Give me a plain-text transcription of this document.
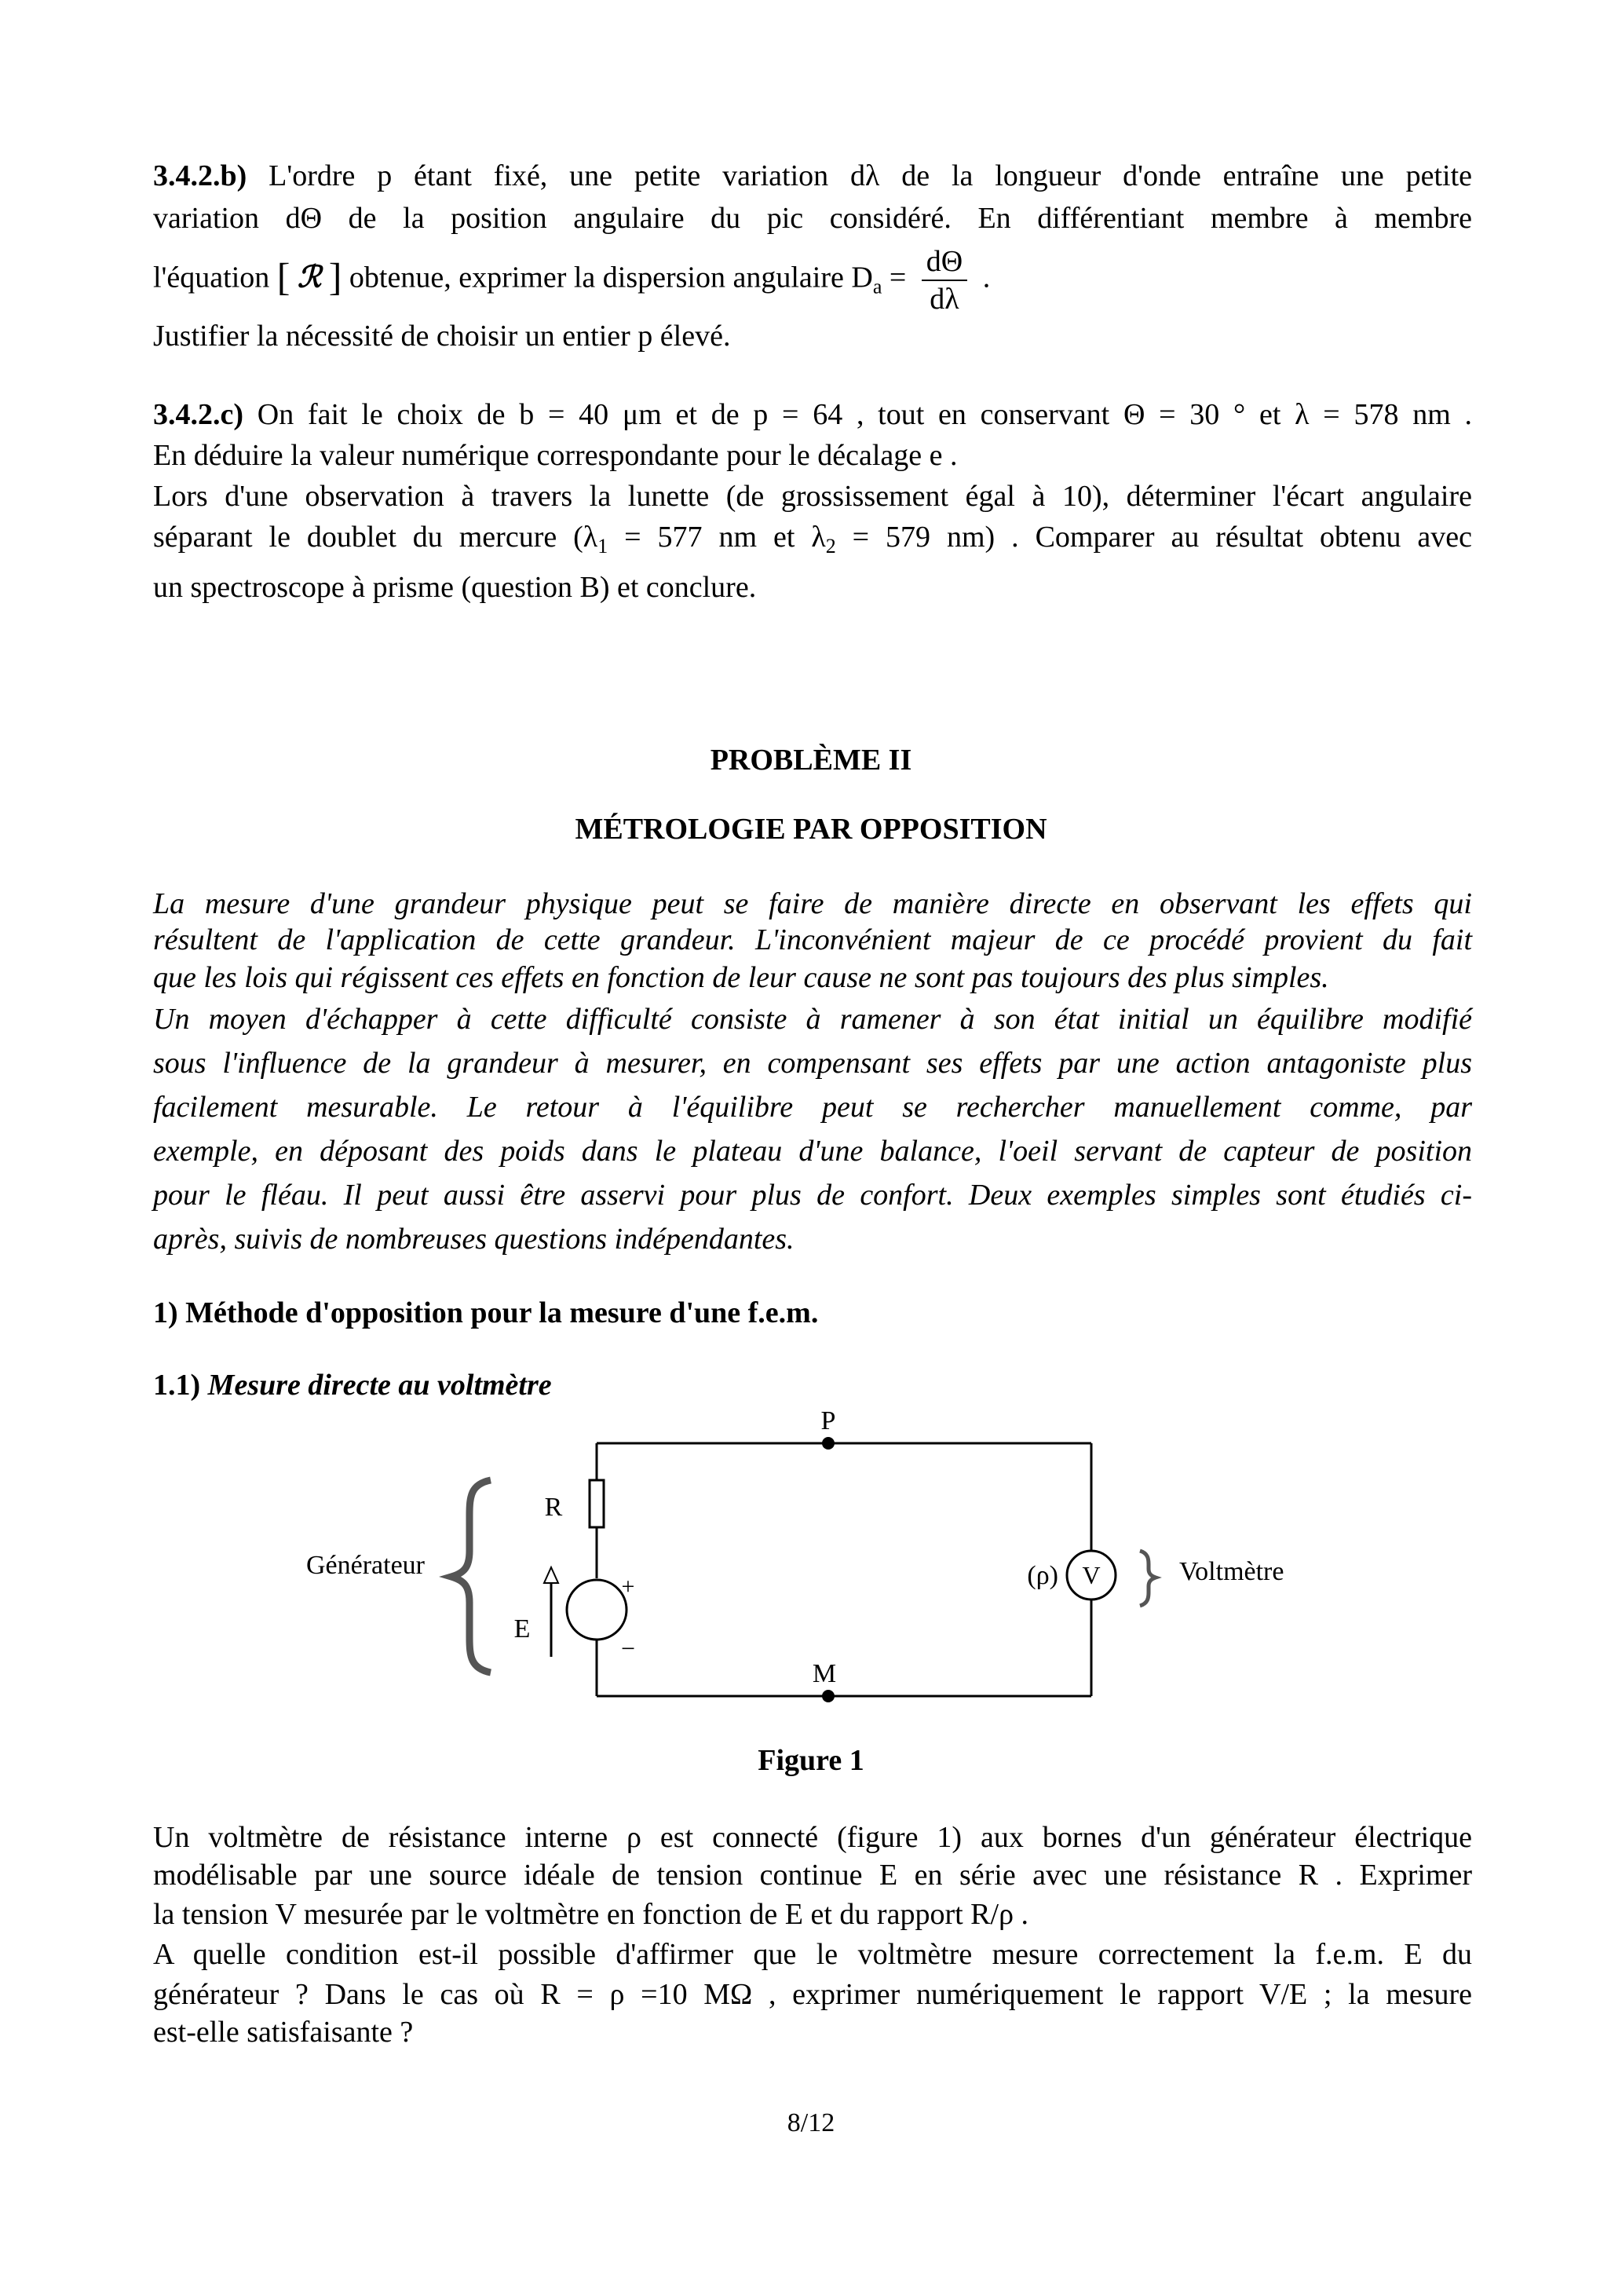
3.4.2.b) L'ordre p étant fixé, une petite variation dλ de la longueur d'onde entraîne une petite
variation dΘ de la position angulaire du pic considéré. En différentiant membre à membre
l'équation [ ℛ ] obtenue, exprimer la dispersion angulaire $D_a = \frac{d\Theta}{d\lambda}$ .
Justifier la nécessité de choisir un entier p élevé.
3.4.2.c) On fait le choix de b = 40 μm et de p = 64 , tout en conservant Θ = 30 ° et λ = 578 nm .
En déduire la valeur numérique correspondante pour le décalage e .
Lors d'une observation à travers la lunette (de grossissement égal à 10), déterminer l'écart angulaire
séparant le doublet du mercure ($\lambda_1 = 577$ nm et $\lambda_2 = 579$ nm) . Comparer au résultat obtenu avec
un spectroscope à prisme (question B) et conclure.
PROBLÈME II
MÉTROLOGIE PAR OPPOSITION
La mesure d'une grandeur physique peut se faire de manière directe en observant les effets qui
résultent de l'application de cette grandeur. L'inconvénient majeur de ce procédé provient du fait
que les lois qui régissent ces effets en fonction de leur cause ne sont pas toujours des plus simples.
Un moyen d'échapper à cette difficulté consiste à ramener à son état initial un équilibre modifié
sous l'influence de la grandeur à mesurer, en compensant ses effets par une action antagoniste plus
facilement mesurable. Le retour à l'équilibre peut se rechercher manuellement comme, par
exemple, en déposant des poids dans le plateau d'une balance, l'oeil servant de capteur de position
pour le fléau. Il peut aussi être asservi pour plus de confort. Deux exemples simples sont étudiés ci-
après, suivis de nombreuses questions indépendantes.
1) Méthode d'opposition pour la mesure d'une f.e.m.
1.1) Mesure directe au voltmètre
P
M
R
E
+
−
Générateur	(ρ) V	Voltmètre
Figure 1
Un voltmètre de résistance interne ρ est connecté (figure 1) aux bornes d'un générateur électrique
modélisable par une source idéale de tension continue E en série avec une résistance R . Exprimer
la tension V mesurée par le voltmètre en fonction de E et du rapport R/ρ .
A quelle condition est-il possible d'affirmer que le voltmètre mesure correctement la f.e.m. E du
générateur ? Dans le cas où R = ρ =10 MΩ , exprimer numériquement le rapport V/E ; la mesure
est-elle satisfaisante ?
8/12
